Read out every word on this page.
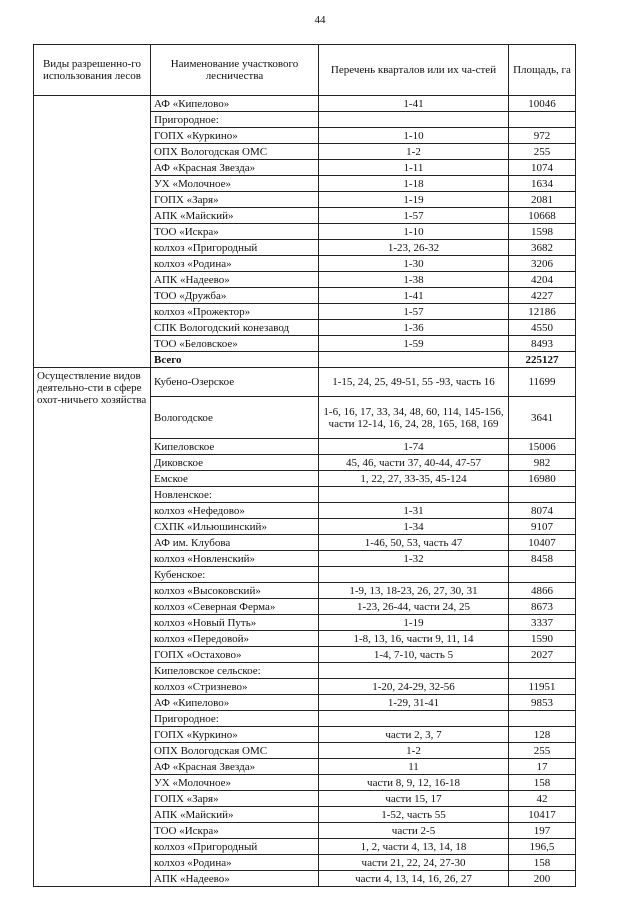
44
Виды разрешенно-го использования лесов	Наименование участкового лесничества	Перечень кварталов или их ча-стей	Площадь, га
	АФ «Кипелово»	1-41	10046
	Пригородное:		
	ГОПХ «Куркино»	1-10	972
	ОПХ Вологодская ОМС	1-2	255
	АФ «Красная Звезда»	1-11	1074
	УХ «Молочное»	1-18	1634
	ГОПХ «Заря»	1-19	2081
	АПК «Майский»	1-57	10668
	ТОО «Искра»	1-10	1598
	колхоз «Пригородный	1-23, 26-32	3682
	колхоз «Родина»	1-30	3206
	АПК «Надеево»	1-38	4204
	ТОО «Дружба»	1-41	4227
	колхоз «Прожектор»	1-57	12186
	СПК Вологодский конезавод	1-36	4550
	ТОО «Беловское»	1-59	8493
	Всего		225127
Осуществление видов деятельно-сти в сфере охот-ничьего хозяйства	Кубено-Озерское	1-15, 24, 25, 49-51, 55 -93, часть 16	11699
	Вологодское	1-6, 16, 17, 33, 34, 48, 60, 114, 145-156, части 12-14, 16, 24, 28, 165, 168, 169	3641
	Кипеловское	1-74	15006
	Диковское	45, 46, части 37, 40-44, 47-57	982
	Емское	1, 22, 27, 33-35, 45-124	16980
	Новленское:		
	колхоз «Нефедово»	1-31	8074
	СХПК «Ильюшинский»	1-34	9107
	АФ им. Клубова	1-46, 50, 53, часть 47	10407
	колхоз «Новленский»	1-32	8458
	Кубенское:		
	колхоз «Высоковский»	1-9, 13, 18-23, 26, 27, 30, 31	4866
	колхоз «Северная Ферма»	1-23, 26-44, части 24, 25	8673
	колхоз «Новый Путь»	1-19	3337
	колхоз «Передовой»	1-8, 13, 16, части 9, 11, 14	1590
	ГОПХ «Остахово»	1-4, 7-10, часть 5	2027
	Кипеловское сельское:		
	колхоз «Стризнево»	1-20, 24-29, 32-56	11951
	АФ «Кипелово»	1-29, 31-41	9853
	Пригородное:		
	ГОПХ «Куркино»	части 2, 3, 7	128
	ОПХ Вологодская ОМС	1-2	255
	АФ «Красная Звезда»	11	17
	УХ «Молочное»	части 8, 9, 12, 16-18	158
	ГОПХ «Заря»	части 15, 17	42
	АПК «Майский»	1-52, часть 55	10417
	ТОО «Искра»	части 2-5	197
	колхоз «Пригородный	1, 2, части 4, 13, 14, 18	196,5
	колхоз «Родина»	части 21, 22, 24, 27-30	158
	АПК «Надеево»	части 4, 13, 14, 16, 26, 27	200
